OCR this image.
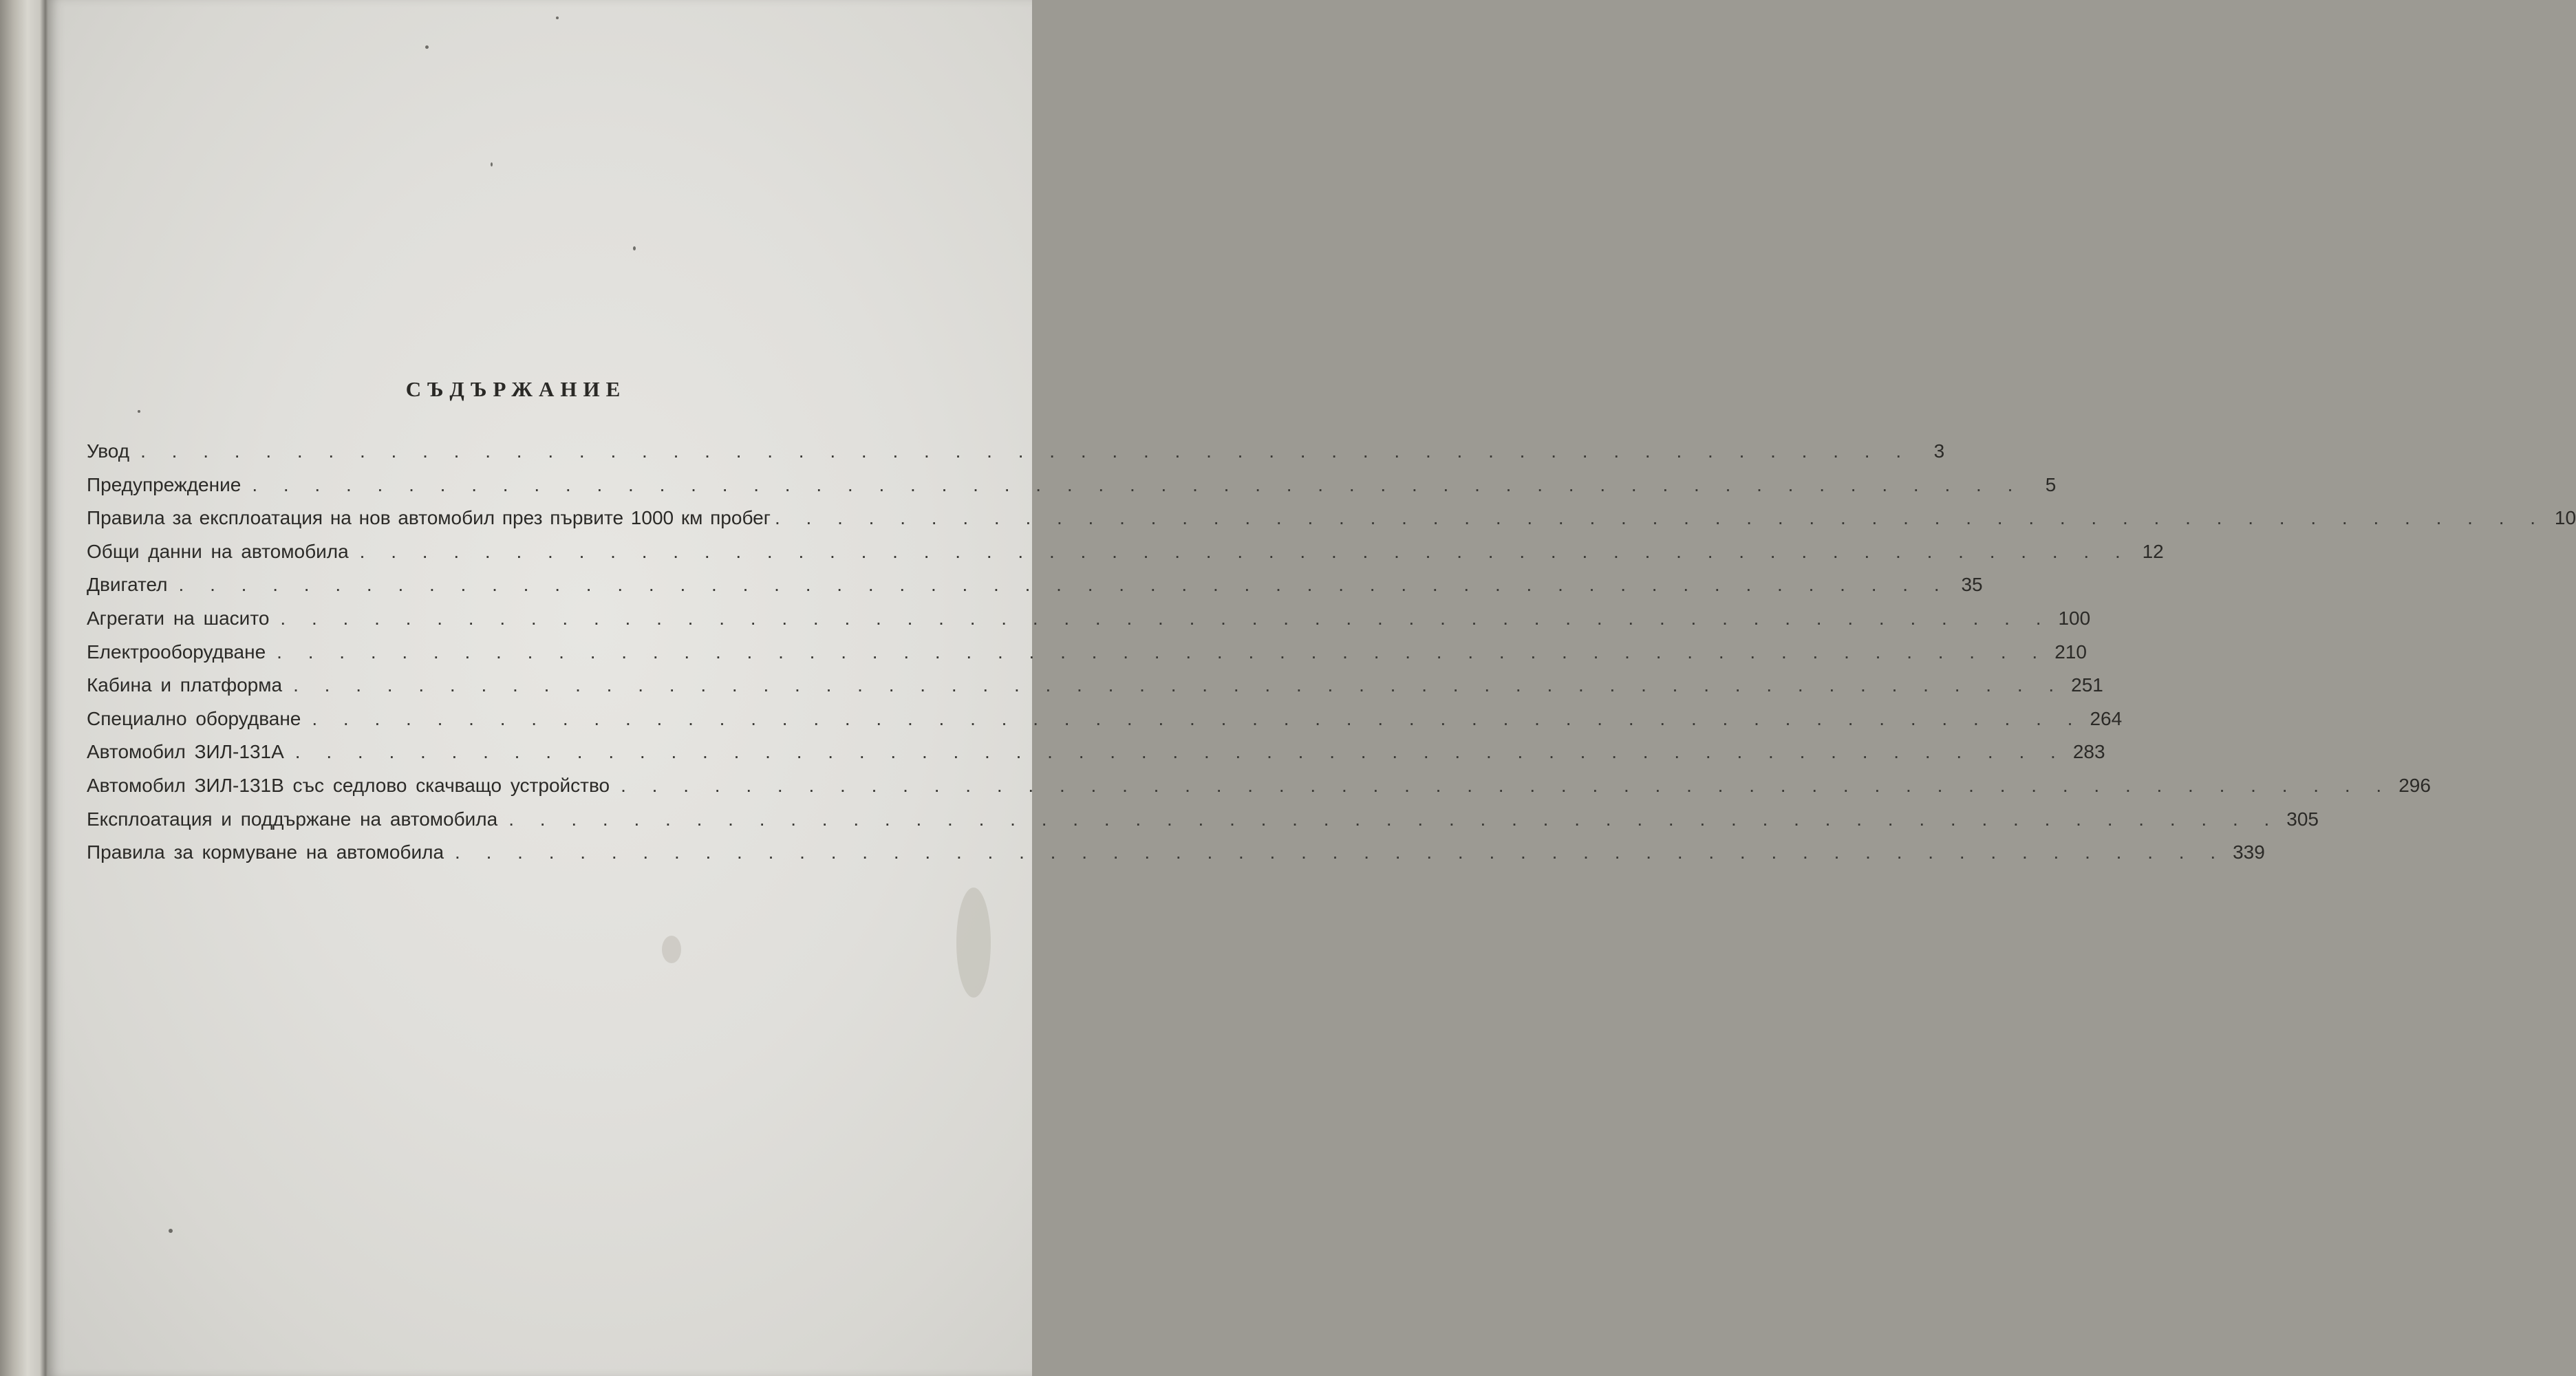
СЪДЪРЖАНИЕ
Увод . . . . . . . . . . . . . . . . . . . . . . . . . . . . . . . . . . . . . . . . . . . . . . . . . . . . . . . . .	3
Предупреждение . . . . . . . . . . . . . . . . . . . . . . . . . . . . . . . . . . . . . . . . . . . . . . . . . . . . . . . . .	5
Правила за експлоатация на нов автомобил през първите 1000 км пробег . . . . . . . . . . . . . . . . . . . . . . . . . . . . . . . . . . . . . . . . . . . . . . . . . . . . . . . . . 10
Общи данни на автомобила . . . . . . . . . . . . . . . . . . . . . . . . . . . . . . . . . . . . . . . . . . . . . . . . . . . . . . . . . 12
Двигател . . . . . . . . . . . . . . . . . . . . . . . . . . . . . . . . . . . . . . . . . . . . . . . . . . . . . . . . . 35
Агрегати на шасито . . . . . . . . . . . . . . . . . . . . . . . . . . . . . . . . . . . . . . . . . . . . . . . . . . . . . . . . . 100
Електрооборудване . . . . . . . . . . . . . . . . . . . . . . . . . . . . . . . . . . . . . . . . . . . . . . . . . . . . . . . . . 210
Кабина и платформа . . . . . . . . . . . . . . . . . . . . . . . . . . . . . . . . . . . . . . . . . . . . . . . . . . . . . . . . . 251
Специално оборудване . . . . . . . . . . . . . . . . . . . . . . . . . . . . . . . . . . . . . . . . . . . . . . . . . . . . . . . . . 264
Автомобил ЗИЛ-131А . . . . . . . . . . . . . . . . . . . . . . . . . . . . . . . . . . . . . . . . . . . . . . . . . . . . . . . . . 283
Автомобил ЗИЛ-131В със седлово скачващо устройство . . . . . . . . . . . . . . . . . . . . . . . . . . . . . . . . . . . . . . . . . . . . . . . . . . . . . . . . . 296
Експлоатация и поддържане на автомобила . . . . . . . . . . . . . . . . . . . . . . . . . . . . . . . . . . . . . . . . . . . . . . . . . . . . . . . . . 305
Правила за кормуване на автомобила . . . . . . . . . . . . . . . . . . . . . . . . . . . . . . . . . . . . . . . . . . . . . . . . . . . . . . . . . 339
